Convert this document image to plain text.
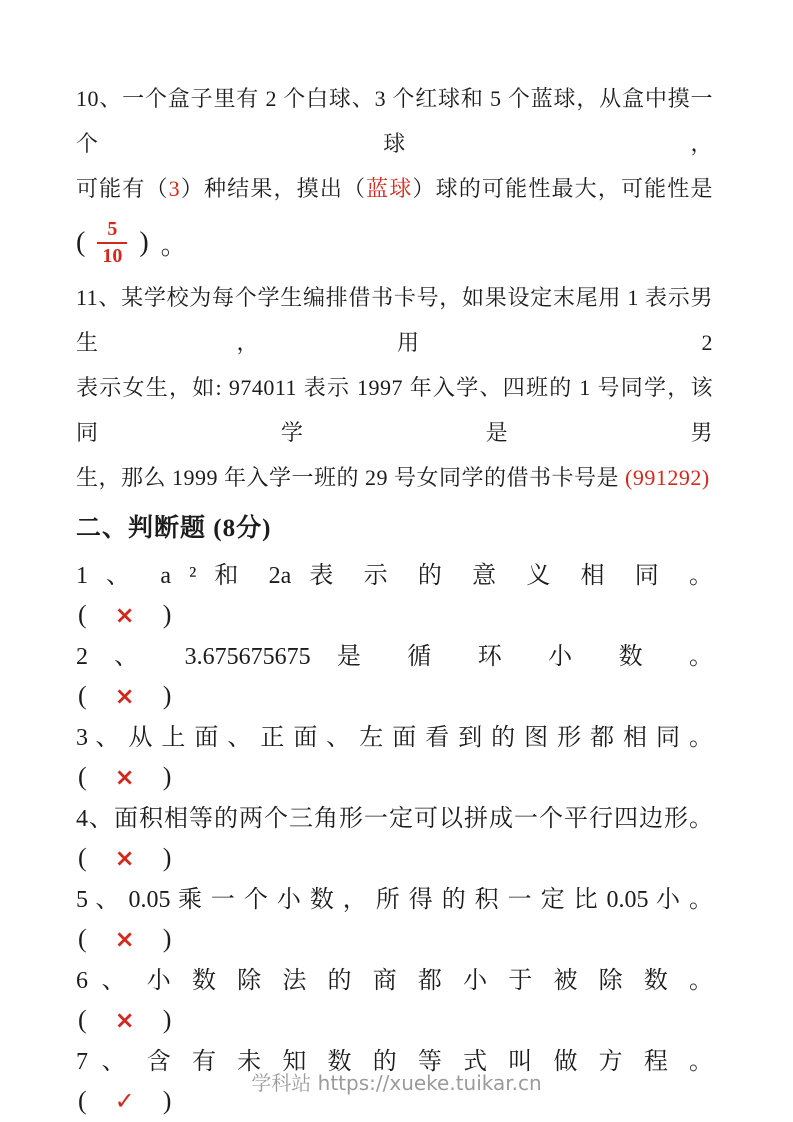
10、一个盒子里有 2 个白球、3 个红球和 5 个蓝球，从盒中摸一个球，
可能有（3）种结果，摸出（蓝球）球的可能性最大，可能性是
( $\frac{5}{10}$ ) 。
11、某学校为每个学生编排借书卡号，如果设定末尾用 1 表示男生，用 2
表示女生，如: 974011 表示 1997 年入学、四班的 1 号同学，该同学是男
生，那么 1999 年入学一班的 29 号女同学的借书卡号是 (991292)
二、判断题 (8分)
1 、 a ² 和 2a 表 示 的 意 义 相 同 。
( × )
2 、 3.675675675 是 循 环 小 数 。
( × )
3 、 从 上 面 、 正 面 、 左 面 看 到 的 图 形 都 相 同 。
( × )
4、面积相等的两个三角形一定可以拼成一个平行四边形。
( × )
5 、 0.05 乘 一 个 小 数 ， 所 得 的 积 一 定 比 0.05 小 。
( × )
6 、 小 数 除 法 的 商 都 小 于 被 除 数 。
( × )
7 、 含 有 未 知 数 的 等 式 叫 做 方 程 。
( ✓ )
学科站 https://xueke.tuikar.cn
